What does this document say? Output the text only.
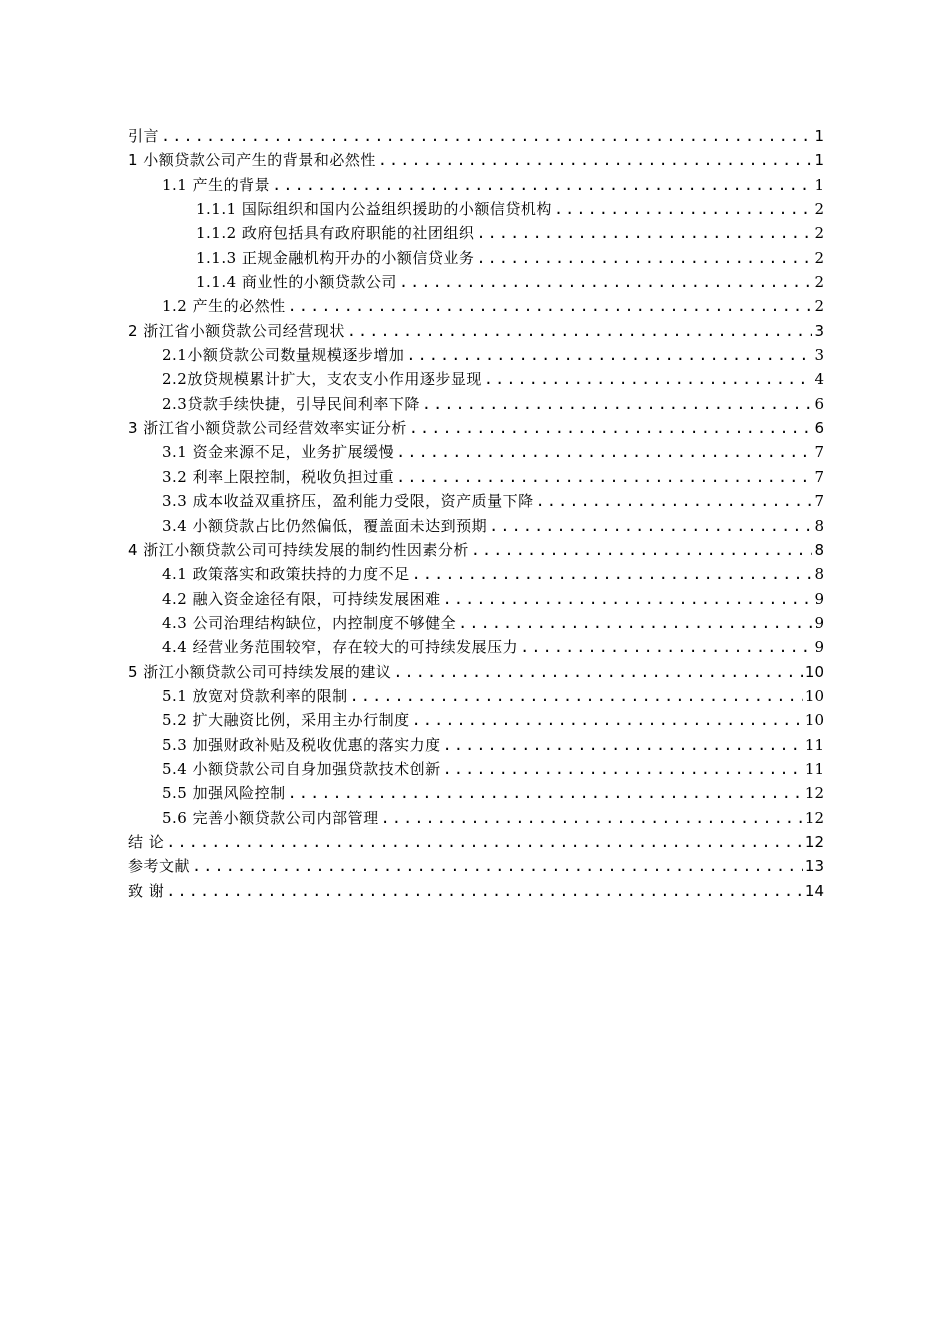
引言 .....	1
1 小额贷款公司产生的背景和必然性 .....	1
1.1 产生的背景 .....	1
1.1.1 国际组织和国内公益组织援助的小额信贷机构 .....	2
1.1.2 政府包括具有政府职能的社团组织 .....	2
1.1.3 正规金融机构开办的小额信贷业务 .....	2
1.1.4 商业性的小额贷款公司 .....	2
1.2 产生的必然性 .....	2
2 浙江省小额贷款公司经营现状 .....	3
2.1小额贷款公司数量规模逐步增加 .....	3
2.2放贷规模累计扩大，支农支小作用逐步显现 .....	4
2.3贷款手续快捷，引导民间利率下降 .....	6
3 浙江省小额贷款公司经营效率实证分析 .....	6
3.1 资金来源不足，业务扩展缓慢 .....	7
3.2 利率上限控制，税收负担过重 .....	7
3.3 成本收益双重挤压，盈利能力受限，资产质量下降 .....	7
3.4 小额贷款占比仍然偏低，覆盖面未达到预期 .....	8
4 浙江小额贷款公司可持续发展的制约性因素分析 .....	8
4.1 政策落实和政策扶持的力度不足 .....	8
4.2 融入资金途径有限，可持续发展困难 .....	9
4.3 公司治理结构缺位，内控制度不够健全 .....	9
4.4 经营业务范围较窄，存在较大的可持续发展压力 .....	9
5 浙江小额贷款公司可持续发展的建议 .....	10
5.1 放宽对贷款利率的限制 .....	10
5.2 扩大融资比例，采用主办行制度 .....	10
5.3 加强财政补贴及税收优惠的落实力度 .....	11
5.4 小额贷款公司自身加强贷款技术创新 .....	11
5.5 加强风险控制 .....	12
5.6 完善小额贷款公司内部管理 .....	12
结 论 .....	12
参考文献 .....	13
致 谢 .....	14
